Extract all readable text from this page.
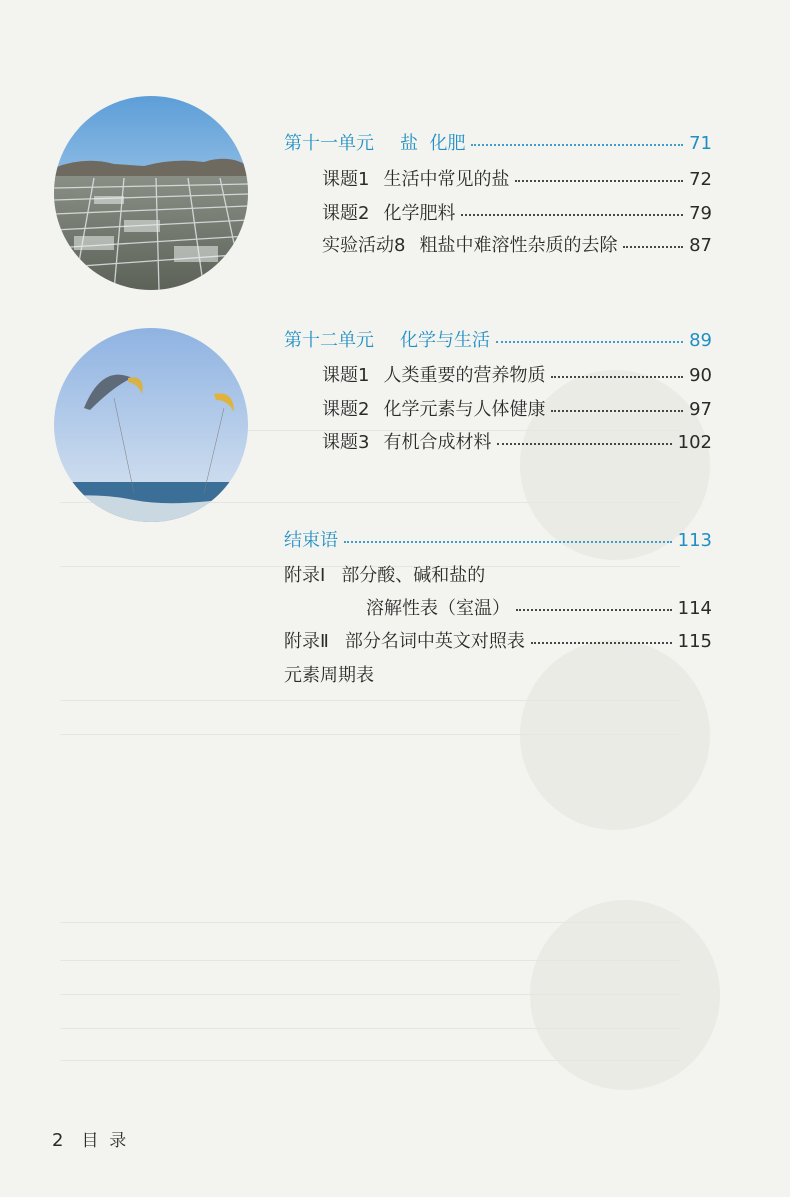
第十一单元 盐  化肥	71
课题1 生活中常见的盐	72
课题2 化学肥料	79
实验活动8 粗盐中难溶性杂质的去除	87
第十二单元 化学与生活	89
课题1 人类重要的营养物质	90
课题2 化学元素与人体健康	97
课题3 有机合成材料	102
结束语	113
附录Ⅰ 部分酸、碱和盐的
溶解性表（室温）	114
附录Ⅱ 部分名词中英文对照表	115
元素周期表
2 目  录
